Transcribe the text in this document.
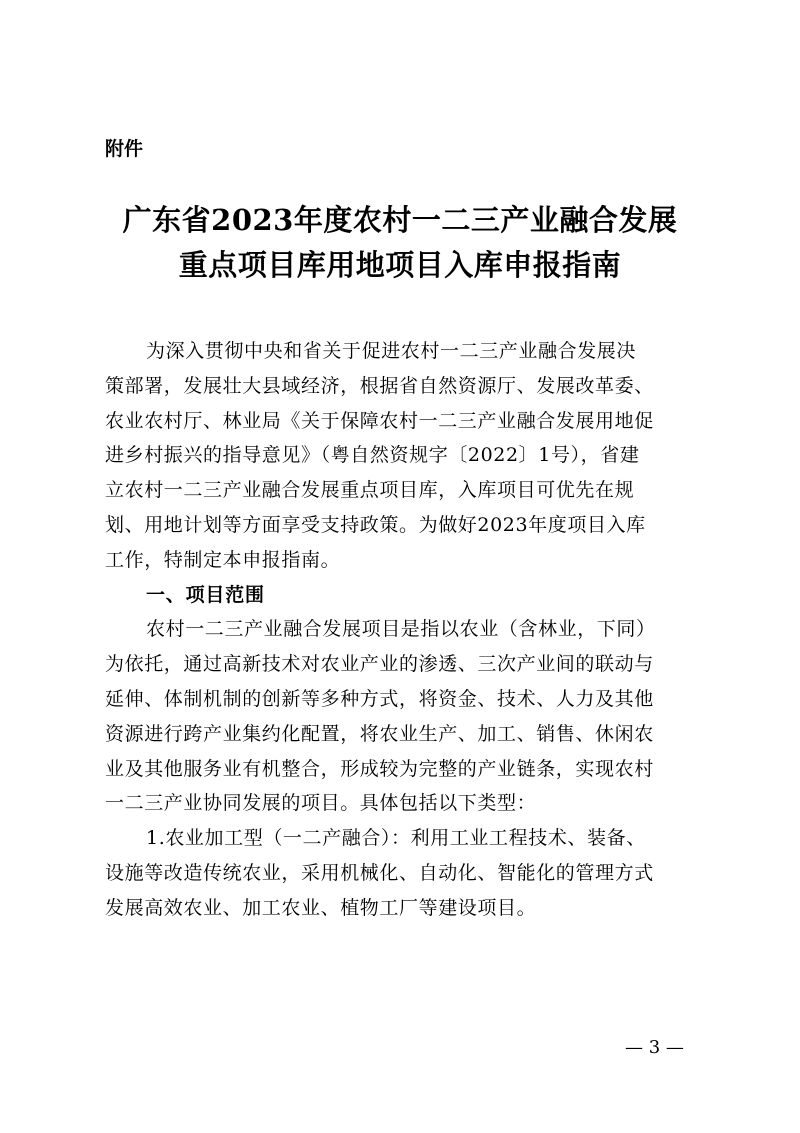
附件
广东省2023年度农村一二三产业融合发展
重点项目库用地项目入库申报指南
为深入贯彻中央和省关于促进农村一二三产业融合发展决
策部署，发展壮大县域经济，根据省自然资源厅、发展改革委、
农业农村厅、林业局《关于保障农村一二三产业融合发展用地促
进乡村振兴的指导意见》（粤自然资规字〔2022〕1号），省建
立农村一二三产业融合发展重点项目库，入库项目可优先在规
划、用地计划等方面享受支持政策。为做好2023年度项目入库
工作，特制定本申报指南。
一、项目范围
农村一二三产业融合发展项目是指以农业（含林业，下同）
为依托，通过高新技术对农业产业的渗透、三次产业间的联动与
延伸、体制机制的创新等多种方式，将资金、技术、人力及其他
资源进行跨产业集约化配置，将农业生产、加工、销售、休闲农
业及其他服务业有机整合，形成较为完整的产业链条，实现农村
一二三产业协同发展的项目。具体包括以下类型：
1.农业加工型（一二产融合）：利用工业工程技术、装备、
设施等改造传统农业，采用机械化、自动化、智能化的管理方式
发展高效农业、加工农业、植物工厂等建设项目。
— 3 —
